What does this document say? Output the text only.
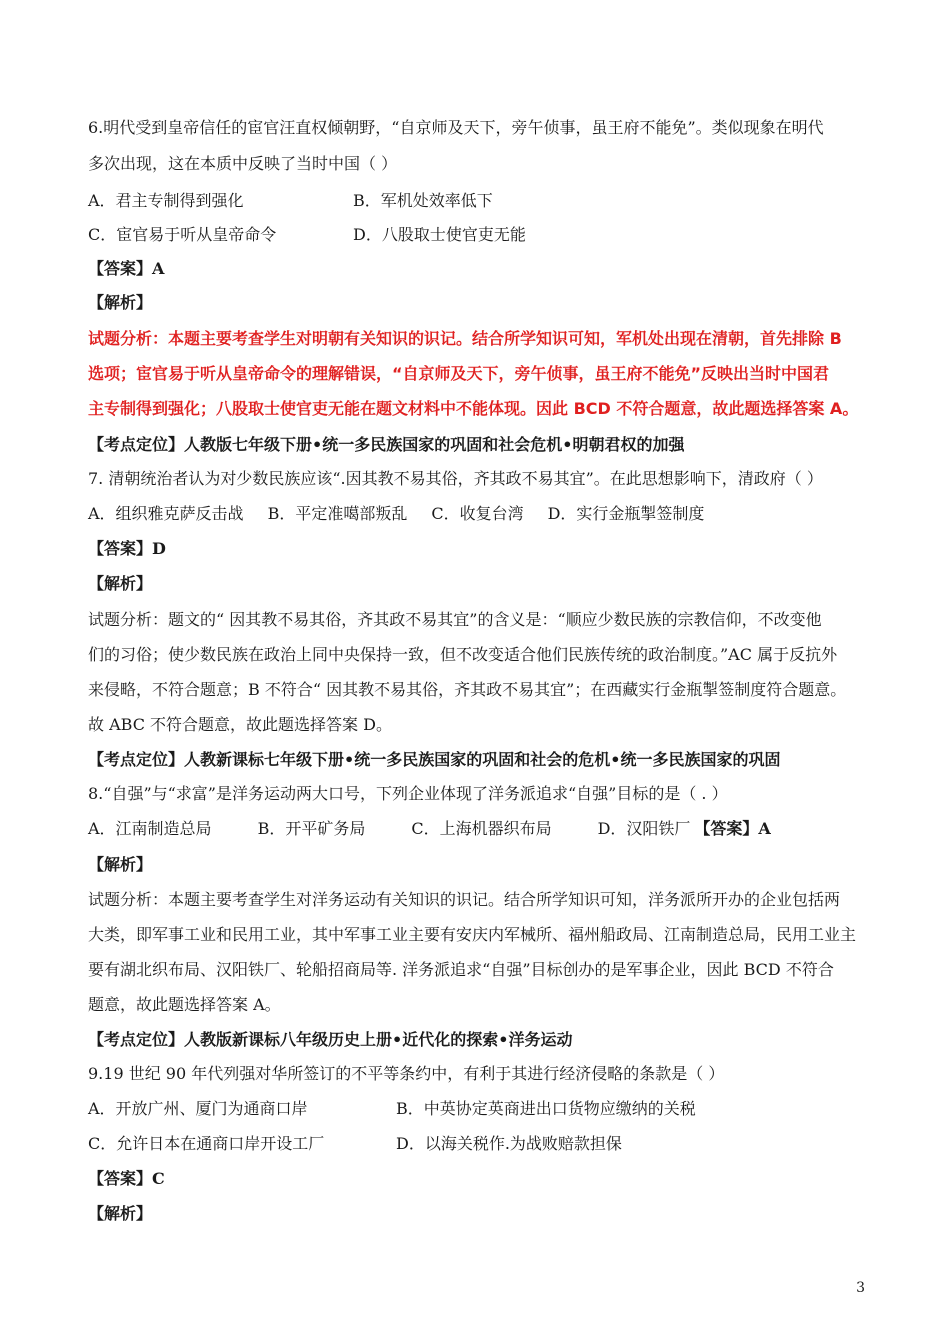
6.明代受到皇帝信任的宦官汪直权倾朝野，“自京师及天下，旁午侦事，虽王府不能免”。类似现象在明代

多次出现，这在本质中反映了当时中国（ ）

A．君主专制得到强化	B．军机处效率低下
C．宦官易于听从皇帝命令	D．八股取士使官吏无能

【答案】A

【解析】

试题分析：本题主要考查学生对明朝有关知识的识记。结合所学知识可知，军机处出现在清朝，首先排除 B

选项；宦官易于听从皇帝命令的理解错误，“自京师及天下，旁午侦事，虽王府不能免”反映出当时中国君

主专制得到强化；八股取士使官吏无能在题文材料中不能体现。因此 BCD 不符合题意，故此题选择答案 A。

【考点定位】人教版七年级下册•统一多民族国家的巩固和社会危机•明朝君权的加强

7. 清朝统治者认为对少数民族应该“.因其教不易其俗，齐其政不易其宜”。在此思想影响下，清政府（ ）

A．组织雅克萨反击战 B．平定准噶部叛乱 C．收复台湾 D．实行金瓶掣签制度

【答案】D

【解析】

试题分析：题文的“ 因其教不易其俗，齐其政不易其宜”的含义是：“顺应少数民族的宗教信仰，不改变他

们的习俗；使少数民族在政治上同中央保持一致，但不改变适合他们民族传统的政治制度。”AC 属于反抗外

来侵略，不符合题意；B 不符合“ 因其教不易其俗，齐其政不易其宜”；在西藏实行金瓶掣签制度符合题意。

故 ABC 不符合题意，故此题选择答案 D。

【考点定位】人教新课标七年级下册•统一多民族国家的巩固和社会的危机•统一多民族国家的巩固

8.“自强”与“求富”是洋务运动两大口号，下列企业体现了洋务派追求“自强”目标的是（ . ）

A．江南制造总局	B．开平矿务局	C．上海机器织布局	D．汉阳铁厂 【答案】A

【解析】

试题分析：本题主要考查学生对洋务运动有关知识的识记。结合所学知识可知，洋务派所开办的企业包括两

大类，即军事工业和民用工业，其中军事工业主要有安庆内军械所、福州船政局、江南制造总局，民用工业主

要有湖北织布局、汉阳铁厂、轮船招商局等. 洋务派追求“自强”目标创办的是军事企业，因此 BCD 不符合

题意，故此题选择答案 A。

【考点定位】人教版新课标八年级历史上册•近代化的探索•洋务运动

9.19 世纪 90 年代列强对华所签订的不平等条约中，有利于其进行经济侵略的条款是（ ）

A．开放广州、厦门为通商口岸	B．中英协定英商进出口货物应缴纳的关税
C．允许日本在通商口岸开设工厂	D．以海关税作.为战败赔款担保

【答案】C

【解析】

3
